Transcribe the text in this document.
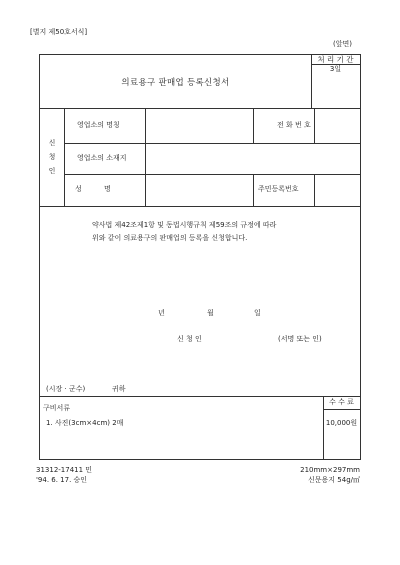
[별지 제50호서식]
(앞면)
의료용구 판매업 등록신청서
처 리 기 간
3일
신
청
인
영업소의 명칭	전 화 번 호
영업소의 소재지
성          명	주민등록번호
약사법 제42조제1항 및 동법시행규칙 제59조의 규정에 따라
위와 같이 의료용구의 판매업의 등록을 신청합니다.
년	월	일
신 청 인	(서명 또는 인)
(시장 · 군수)	귀하
수 수 료
10,000원
구비서류
1. 사진(3cm×4cm) 2매
31312-17411 민
'94. 6. 17. 승인
210mm×297mm
신문용지 54g/㎡
